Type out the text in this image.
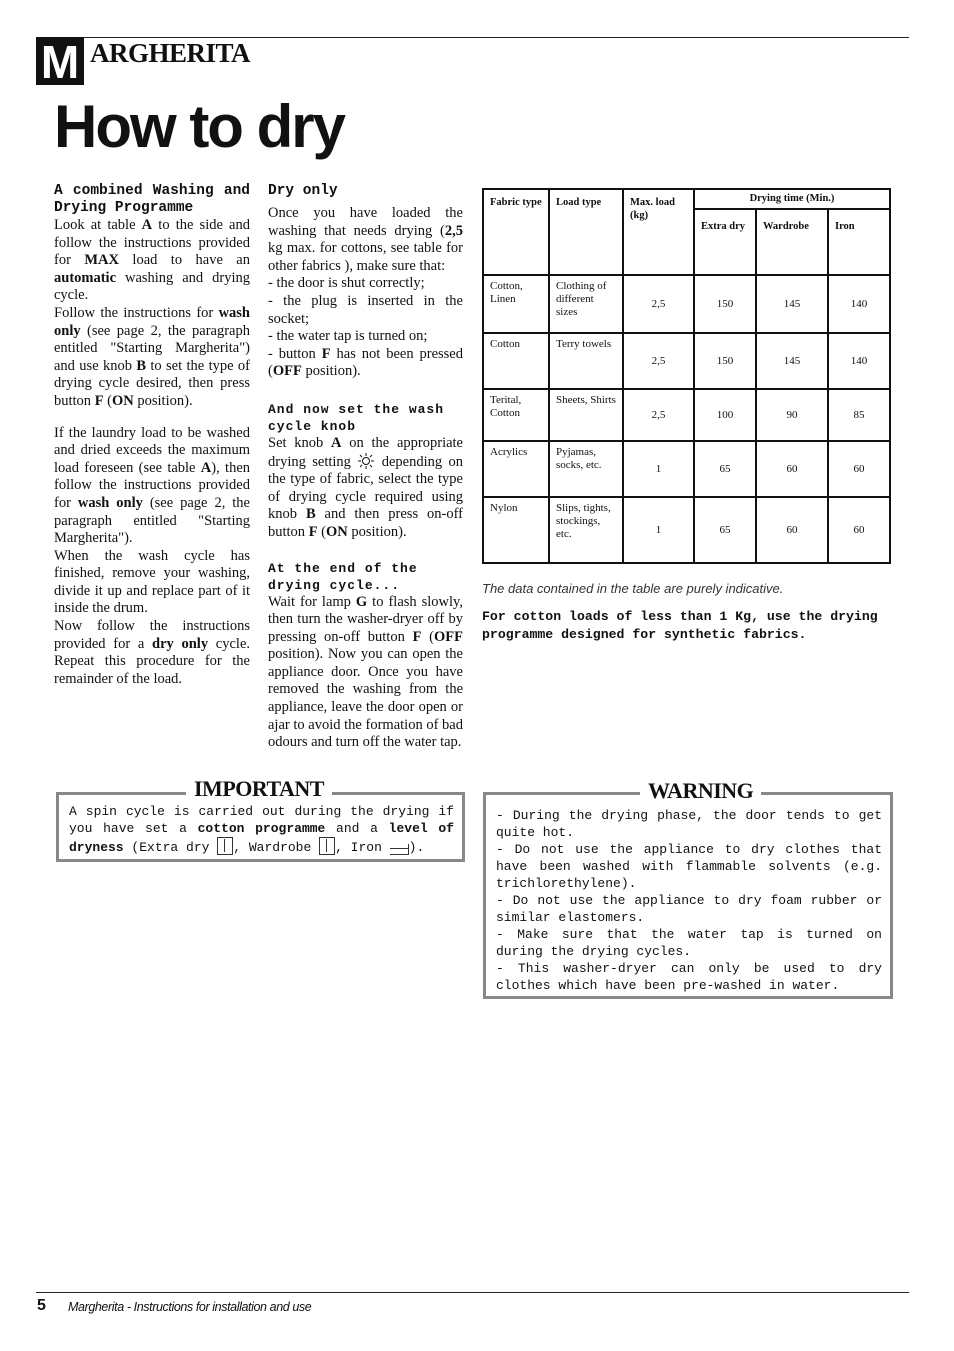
M ARGHERITA
How to dry

A combined Washing and Drying Programme

Look at table A to the side and follow the instructions provided for MAX load to have an automatic washing and drying cycle.

Follow the instructions for wash only (see page 2, the paragraph entitled "Starting Margherita") and use knob B to set the type of drying cycle desired, then press button F (ON position).

If the laundry load to be washed and dried exceeds the maximum load foreseen (see table A), then follow the instructions provided for wash only (see page 2, the paragraph entitled "Starting Margherita").

When the wash cycle has finished, remove your washing, divide it up and replace part of it inside the drum.

Now follow the instructions provided for a dry only cycle. Repeat this procedure for the remainder of the load.

Dry only

Once you have loaded the washing that needs drying (2,5 kg max. for cottons, see table for other fabrics ), make sure that:

- the door is shut correctly;

- the plug is inserted in the socket;

- the water tap is turned on;

- button F has not been pressed (OFF position).

And now set the wash cycle knob

Set knob A on the appropriate drying setting  depending on the type of fabric, select the type of drying cycle required using knob B and then press on-off button F (ON position).

At the end of the drying cycle...

Wait for lamp G to flash slowly, then turn the washer-dryer off by pressing on-off button F (OFF position). Now you can open the appliance door. Once you have removed the washing from the appliance, leave the door open or ajar to avoid the formation of bad odours and turn off the water tap.

Fabric type	Load type	Max. load (kg)	Drying time (Min.)		
			Extra dry	Wardrobe	Iron
Cotton, Linen	Clothing of different sizes	2,5	150	145	140
Cotton	Terry towels	2,5	150	145	140
Terital, Cotton	Sheets, Shirts	2,5	100	90	85
Acrylics	Pyjamas, socks, etc.	1	65	60	60
Nylon	Slips, tights, stockings, etc.	1	65	60	60
The data contained in the table are purely indicative.
For cotton loads of less than 1 Kg, use the drying programme designed for synthetic fabrics.

A spin cycle is carried out during the drying if you have set a cotton programme and a level of dryness (Extra dry , Wardrobe , Iron ).

IMPORTANT

- During the drying phase, the door tends to get quite hot.

- Do not use the appliance to dry clothes that have been washed with flammable solvents (e.g. trichlorethylene).

- Do not use the appliance to dry foam rubber or similar elastomers.

- Make sure that the water tap is turned on during the drying cycles.

- This washer-dryer can only be used to dry clothes which have been pre-washed in water.

WARNING
5 Margherita - Instructions for installation and use
